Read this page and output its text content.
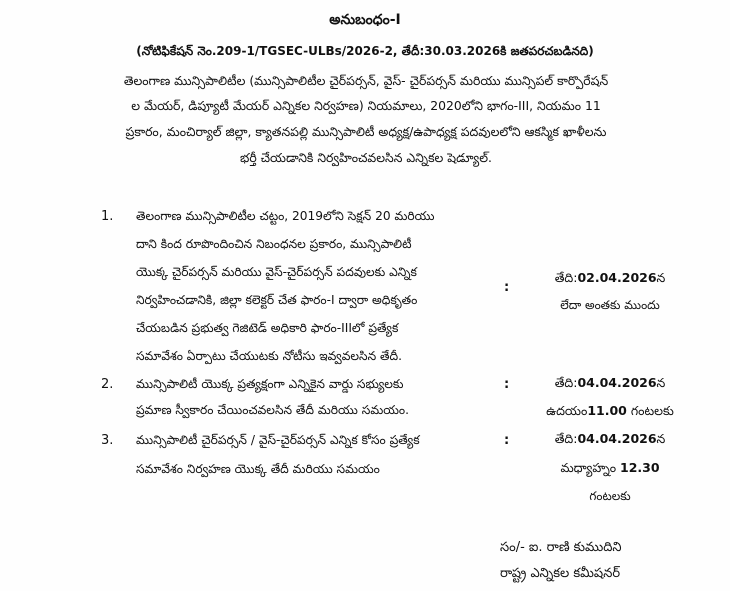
అనుబంధం-I
(నోటిఫికేషన్ నెం.209-1/TGSEC-ULBs/2026-2, తేదీ:30.03.2026కి జతపరచబడినది)
తెలంగాణ మున్సిపాలిటీల (మున్సిపాలిటీల చైర్‌పర్సన్, వైస్- చైర్‌పర్సన్ మరియు మున్సిపల్ కార్పొరేషన్
ల మేయర్, డిప్యూటీ మేయర్ ఎన్నికల నిర్వహణ) నియమాలు, 2020లోని భాగం-III, నియమం 11
ప్రకారం, మంచిర్యాల్ జిల్లా, క్యాతనపల్లి మున్సిపాలిటీ అధ్యక్ష/ఉపాధ్యక్ష పదవులలోని ఆకస్మిక ఖాళీలను
భర్తీ చేయడానికి నిర్వహించవలసిన ఎన్నికల షెడ్యూల్.
1. తెలంగాణ మున్సిపాలిటీల చట్టం, 2019లోని సెక్షన్ 20 మరియు
దాని కింద రూపొందించిన నిబంధనల ప్రకారం, మున్సిపాలిటీ
యొక్క చైర్‌పర్సన్ మరియు వైస్-చైర్‌పర్సన్ పదవులకు ఎన్నిక
నిర్వహించడానికి, జిల్లా కలెక్టర్ చేత ఫారం-I ద్వారా అధికృతం
చేయబడిన ప్రభుత్వ గెజిటెడ్ అధికారి ఫారం-IIIలో ప్రత్యేక
సమావేశం ఏర్పాటు చేయుటకు నోటీసు ఇవ్వవలసిన తేదీ.
:
తేది:02.04.2026న
లేదా అంతకు ముందు
2. మున్సిపాలిటీ యొక్క ప్రత్యక్షంగా ఎన్నికైన వార్డు సభ్యులకు
ప్రమాణ స్వీకారం చేయించవలసిన తేదీ మరియు సమయం.
:	తేది:04.04.2026న
ఉదయం11.00 గంటలకు
3. మున్సిపాలిటీ చైర్‌పర్సన్ / వైస్-చైర్‌పర్సన్ ఎన్నిక కోసం ప్రత్యేక
సమావేశం నిర్వహణ యొక్క తేదీ మరియు సమయం
:	తేది:04.04.2026న
మధ్యాహ్నం 12.30
గంటలకు
సం/- ఐ. రాణి కుముదిని
రాష్ట్ర ఎన్నికల కమీషనర్
